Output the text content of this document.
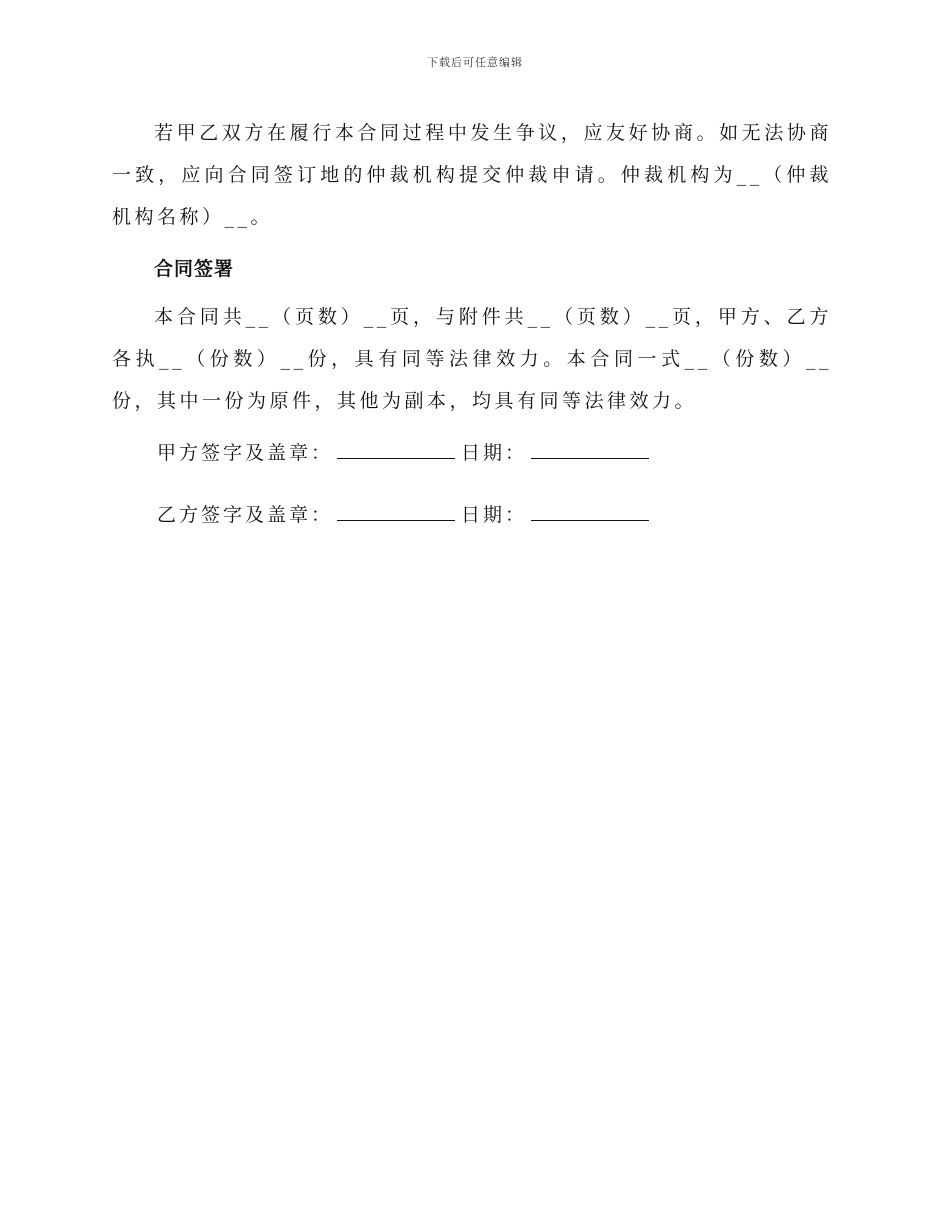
下载后可任意编辑

若甲乙双方在履行本合同过程中发生争议，应友好协商。如无法协商一致，应向合同签订地的仲裁机构提交仲裁申请。仲裁机构为__（仲裁机构名称）__。

合同签署

本合同共__（页数）__页，与附件共__（页数）__页，甲方、乙方各执__（份数）__份，具有同等法律效力。本合同一式__（份数）__份，其中一份为原件，其他为副本，均具有同等法律效力。

甲方签字及盖章：	日期：
乙方签字及盖章：	日期：
